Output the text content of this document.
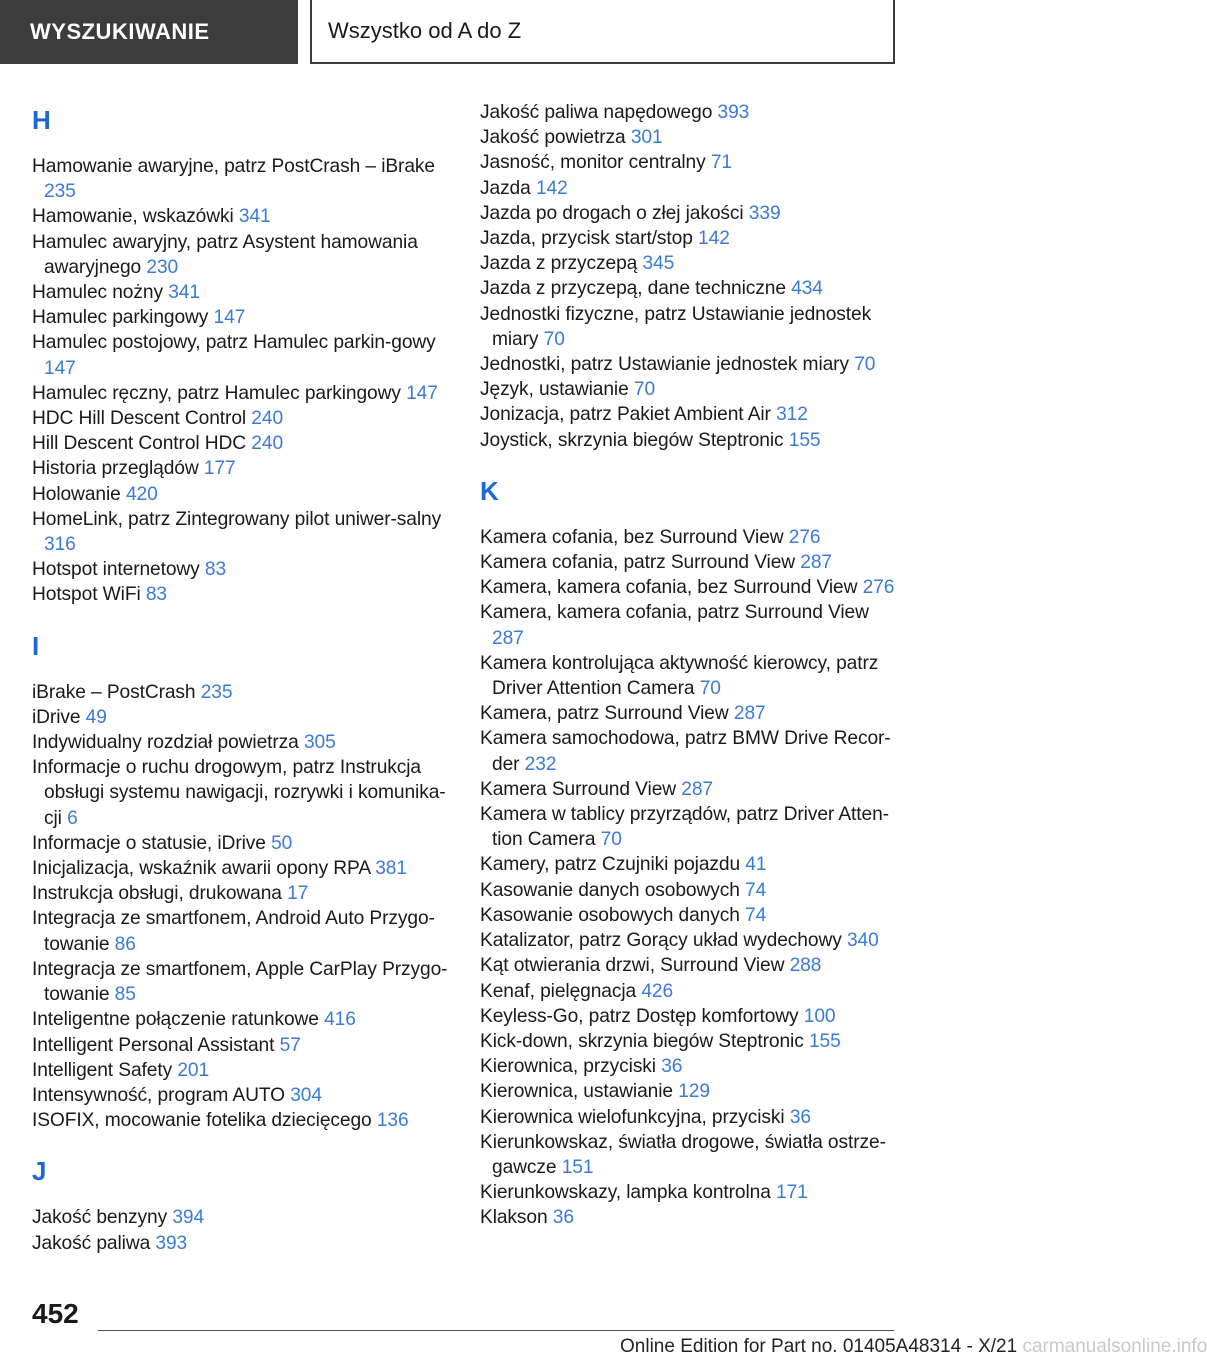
WYSZUKIWANIE	Wszystko od A do Z
H
Hamowanie awaryjne, patrz PostCrash – iBrake 235
Hamowanie, wskazówki 341
Hamulec awaryjny, patrz Asystent hamowania awaryjnego 230
Hamulec nożny 341
Hamulec parkingowy 147
Hamulec postojowy, patrz Hamulec parkin‐gowy 147
Hamulec ręczny, patrz Hamulec parkingowy 147
HDC Hill Descent Control 240
Hill Descent Control HDC 240
Historia przeglądów 177
Holowanie 420
HomeLink, patrz Zintegrowany pilot uniwer‐salny 316
Hotspot internetowy 83
Hotspot WiFi 83
I
iBrake – PostCrash 235
iDrive 49
Indywidualny rozdział powietrza 305
Informacje o ruchu drogowym, patrz Instrukcja obsługi systemu nawigacji, rozrywki i komunika‐cji 6
Informacje o statusie, iDrive 50
Inicjalizacja, wskaźnik awarii opony RPA 381
Instrukcja obsługi, drukowana 17
Integracja ze smartfonem, Android Auto Przygo‐towanie 86
Integracja ze smartfonem, Apple CarPlay Przygo‐towanie 85
Inteligentne połączenie ratunkowe 416
Intelligent Personal Assistant 57
Intelligent Safety 201
Intensywność, program AUTO 304
ISOFIX, mocowanie fotelika dziecięcego 136
J
Jakość benzyny 394
Jakość paliwa 393
Jakość paliwa napędowego 393
Jakość powietrza 301
Jasność, monitor centralny 71
Jazda 142
Jazda po drogach o złej jakości 339
Jazda, przycisk start/stop 142
Jazda z przyczepą 345
Jazda z przyczepą, dane techniczne 434
Jednostki fizyczne, patrz Ustawianie jednostek miary 70
Jednostki, patrz Ustawianie jednostek miary 70
Język, ustawianie 70
Jonizacja, patrz Pakiet Ambient Air 312
Joystick, skrzynia biegów Steptronic 155
K
Kamera cofania, bez Surround View 276
Kamera cofania, patrz Surround View 287
Kamera, kamera cofania, bez Surround View 276
Kamera, kamera cofania, patrz Surround View 287
Kamera kontrolująca aktywność kierowcy, patrz Driver Attention Camera 70
Kamera, patrz Surround View 287
Kamera samochodowa, patrz BMW Drive Recor‐der 232
Kamera Surround View 287
Kamera w tablicy przyrządów, patrz Driver Atten‐tion Camera 70
Kamery, patrz Czujniki pojazdu 41
Kasowanie danych osobowych 74
Kasowanie osobowych danych 74
Katalizator, patrz Gorący układ wydechowy 340
Kąt otwierania drzwi, Surround View 288
Kenaf, pielęgnacja 426
Keyless-Go, patrz Dostęp komfortowy 100
Kick-down, skrzynia biegów Steptronic 155
Kierownica, przyciski 36
Kierownica, ustawianie 129
Kierownica wielofunkcyjna, przyciski 36
Kierunkowskaz, światła drogowe, światła ostrze‐gawcze 151
Kierunkowskazy, lampka kontrolna 171
Klakson 36
452
Online Edition for Part no. 01405A48314 - X/21 carmanualsonline.info
